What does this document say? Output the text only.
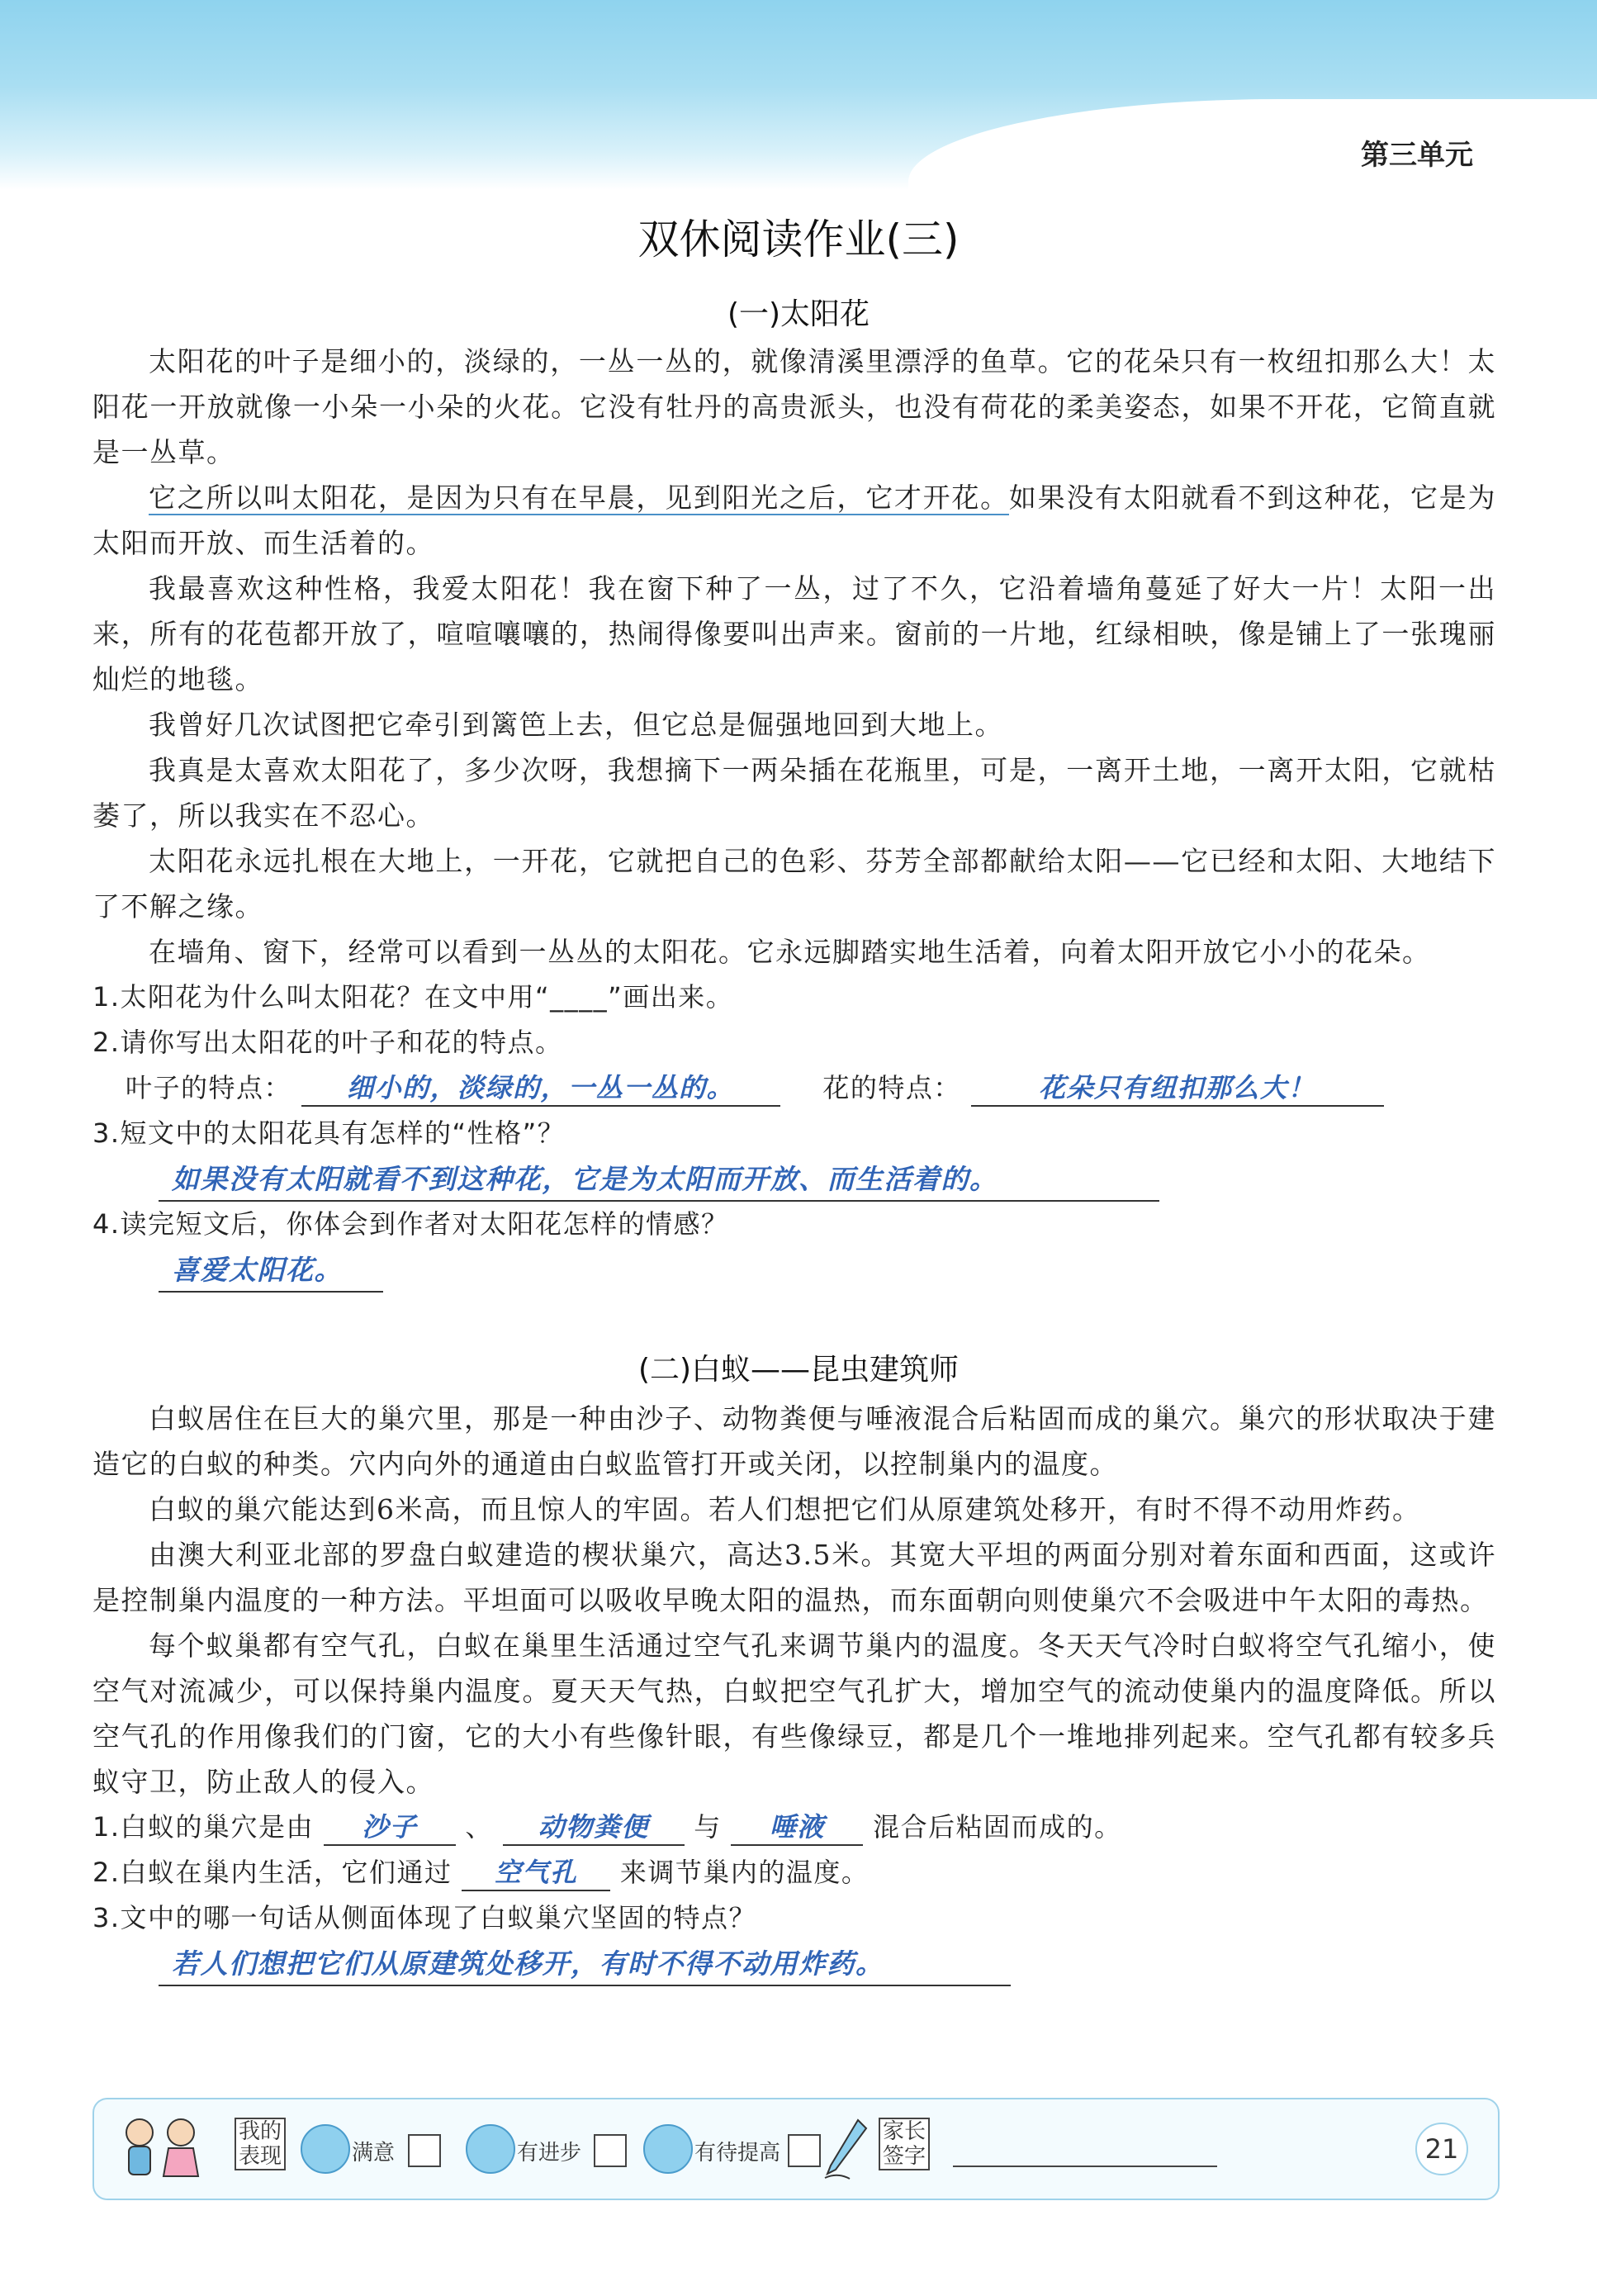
第三单元
双休阅读作业(三)
(一)太阳花

太阳花的叶子是细小的，淡绿的，一丛一丛的，就像清溪里漂浮的鱼草。它的花朵只有一枚纽扣那么大！太阳花一开放就像一小朵一小朵的火花。它没有牡丹的高贵派头，也没有荷花的柔美姿态，如果不开花，它简直就是一丛草。

它之所以叫太阳花，是因为只有在早晨，见到阳光之后，它才开花。如果没有太阳就看不到这种花，它是为太阳而开放、而生活着的。

我最喜欢这种性格，我爱太阳花！我在窗下种了一丛，过了不久，它沿着墙角蔓延了好大一片！太阳一出来，所有的花苞都开放了，喧喧嚷嚷的，热闹得像要叫出声来。窗前的一片地，红绿相映，像是铺上了一张瑰丽灿烂的地毯。

我曾好几次试图把它牵引到篱笆上去，但它总是倔强地回到大地上。

我真是太喜欢太阳花了，多少次呀，我想摘下一两朵插在花瓶里，可是，一离开土地，一离开太阳，它就枯萎了，所以我实在不忍心。

太阳花永远扎根在大地上，一开花，它就把自己的色彩、芬芳全部都献给太阳——它已经和太阳、大地结下了不解之缘。

在墙角、窗下，经常可以看到一丛丛的太阳花。它永远脚踏实地生活着，向着太阳开放它小小的花朵。

1.太阳花为什么叫太阳花？在文中用“____”画出来。
2.请你写出太阳花的叶子和花的特点。
叶子的特点： 细小的，淡绿的，一丛一丛的。	花的特点：	花朵只有纽扣那么大！
3.短文中的太阳花具有怎样的“性格”？
如果没有太阳就看不到这种花，它是为太阳而开放、而生活着的。
4.读完短文后，你体会到作者对太阳花怎样的情感？
喜爱太阳花。
(二)白蚁——昆虫建筑师

白蚁居住在巨大的巢穴里，那是一种由沙子、动物粪便与唾液混合后粘固而成的巢穴。巢穴的形状取决于建造它的白蚁的种类。穴内向外的通道由白蚁监管打开或关闭，以控制巢内的温度。

白蚁的巢穴能达到6米高，而且惊人的牢固。若人们想把它们从原建筑处移开，有时不得不动用炸药。

由澳大利亚北部的罗盘白蚁建造的楔状巢穴，高达3.5米。其宽大平坦的两面分别对着东面和西面，这或许是控制巢内温度的一种方法。平坦面可以吸收早晚太阳的温热，而东面朝向则使巢穴不会吸进中午太阳的毒热。

每个蚁巢都有空气孔，白蚁在巢里生活通过空气孔来调节巢内的温度。冬天天气冷时白蚁将空气孔缩小，使空气对流减少，可以保持巢内温度。夏天天气热，白蚁把空气孔扩大，增加空气的流动使巢内的温度降低。所以空气孔的作用像我们的门窗，它的大小有些像针眼，有些像绿豆，都是几个一堆地排列起来。空气孔都有较多兵蚁守卫，防止敌人的侵入。

1.白蚁的巢穴是由 沙子 、 动物粪便 与 唾液 混合后粘固而成的。
2.白蚁在巢内生活，它们通过 空气孔 来调节巢内的温度。
3.文中的哪一句话从侧面体现了白蚁巢穴坚固的特点？
若人们想把它们从原建筑处移开，有时不得不动用炸药。
我的表现	满意	有进步	有待提高
家长签字	21
